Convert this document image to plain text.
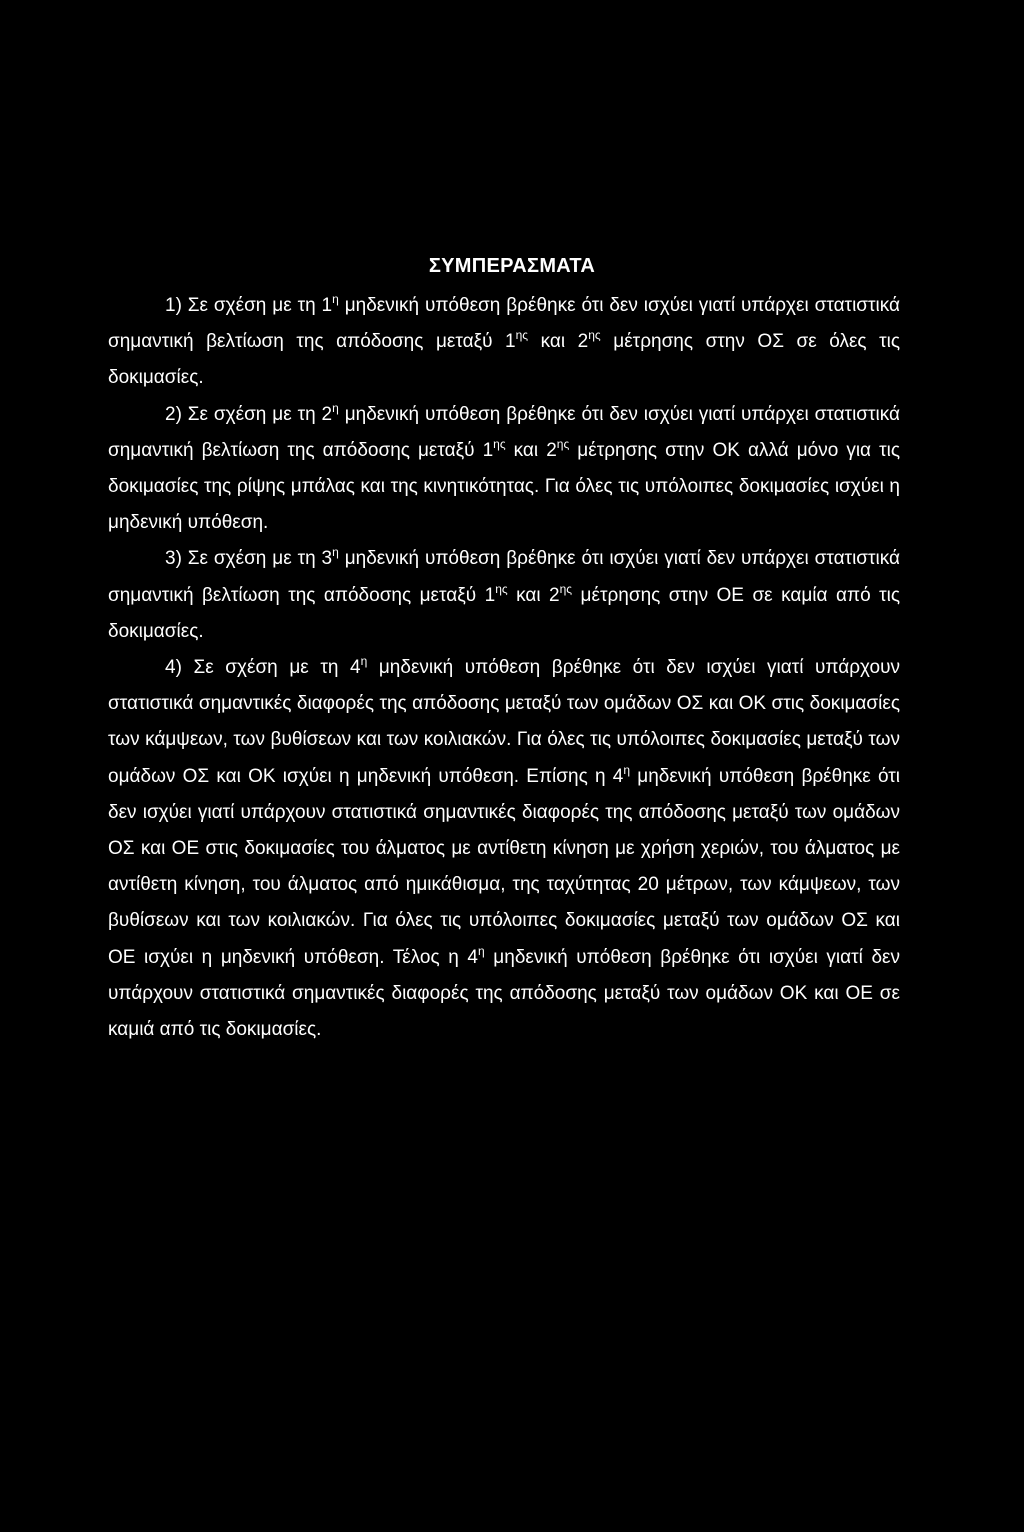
ΣΥΜΠΕΡΑΣΜΑΤΑ

1) Σε σχέση με τη $1^\eta$ μηδενική υπόθεση βρέθηκε ότι δεν ισχύει γιατί υπάρχει στατιστικά σημαντική βελτίωση της απόδοσης μεταξύ $1^{\eta\varsigma}$ και $2^{\eta\varsigma}$ μέτρησης στην ΟΣ σε όλες τις δοκιμασίες.

2) Σε σχέση με τη $2^\eta$ μηδενική υπόθεση βρέθηκε ότι δεν ισχύει γιατί υπάρχει στατιστικά σημαντική βελτίωση της απόδοσης μεταξύ $1^{\eta\varsigma}$ και $2^{\eta\varsigma}$ μέτρησης στην ΟΚ αλλά μόνο για τις δοκιμασίες της ρίψης μπάλας και της κινητικότητας. Για όλες τις υπόλοιπες δοκιμασίες ισχύει η μηδενική υπόθεση.

3) Σε σχέση με τη $3^\eta$ μηδενική υπόθεση βρέθηκε ότι ισχύει γιατί δεν υπάρχει στατιστικά σημαντική βελτίωση της απόδοσης μεταξύ $1^{\eta\varsigma}$ και $2^{\eta\varsigma}$ μέτρησης στην ΟΕ σε καμία από τις δοκιμασίες.

4) Σε σχέση με τη $4^\eta$ μηδενική υπόθεση βρέθηκε ότι δεν ισχύει γιατί υπάρχουν στατιστικά σημαντικές διαφορές της απόδοσης μεταξύ των ομάδων ΟΣ και ΟΚ στις δοκιμασίες των κάμψεων, των βυθίσεων και των κοιλιακών. Για όλες τις υπόλοιπες δοκιμασίες μεταξύ των ομάδων ΟΣ και ΟΚ ισχύει η μηδενική υπόθεση. Επίσης η $4^\eta$ μηδενική υπόθεση βρέθηκε ότι δεν ισχύει γιατί υπάρχουν στατιστικά σημαντικές διαφορές της απόδοσης μεταξύ των ομάδων ΟΣ και ΟΕ στις δοκιμασίες του άλματος με αντίθετη κίνηση με χρήση χεριών, του άλματος με αντίθετη κίνηση, του άλματος από ημικάθισμα, της ταχύτητας 20 μέτρων, των κάμψεων, των βυθίσεων και των κοιλιακών. Για όλες τις υπόλοιπες δοκιμασίες μεταξύ των ομάδων ΟΣ και ΟΕ ισχύει η μηδενική υπόθεση. Τέλος η $4^\eta$ μηδενική υπόθεση βρέθηκε ότι ισχύει γιατί δεν υπάρχουν στατιστικά σημαντικές διαφορές της απόδοσης μεταξύ των ομάδων ΟΚ και ΟΕ σε καμιά από τις δοκιμασίες.
